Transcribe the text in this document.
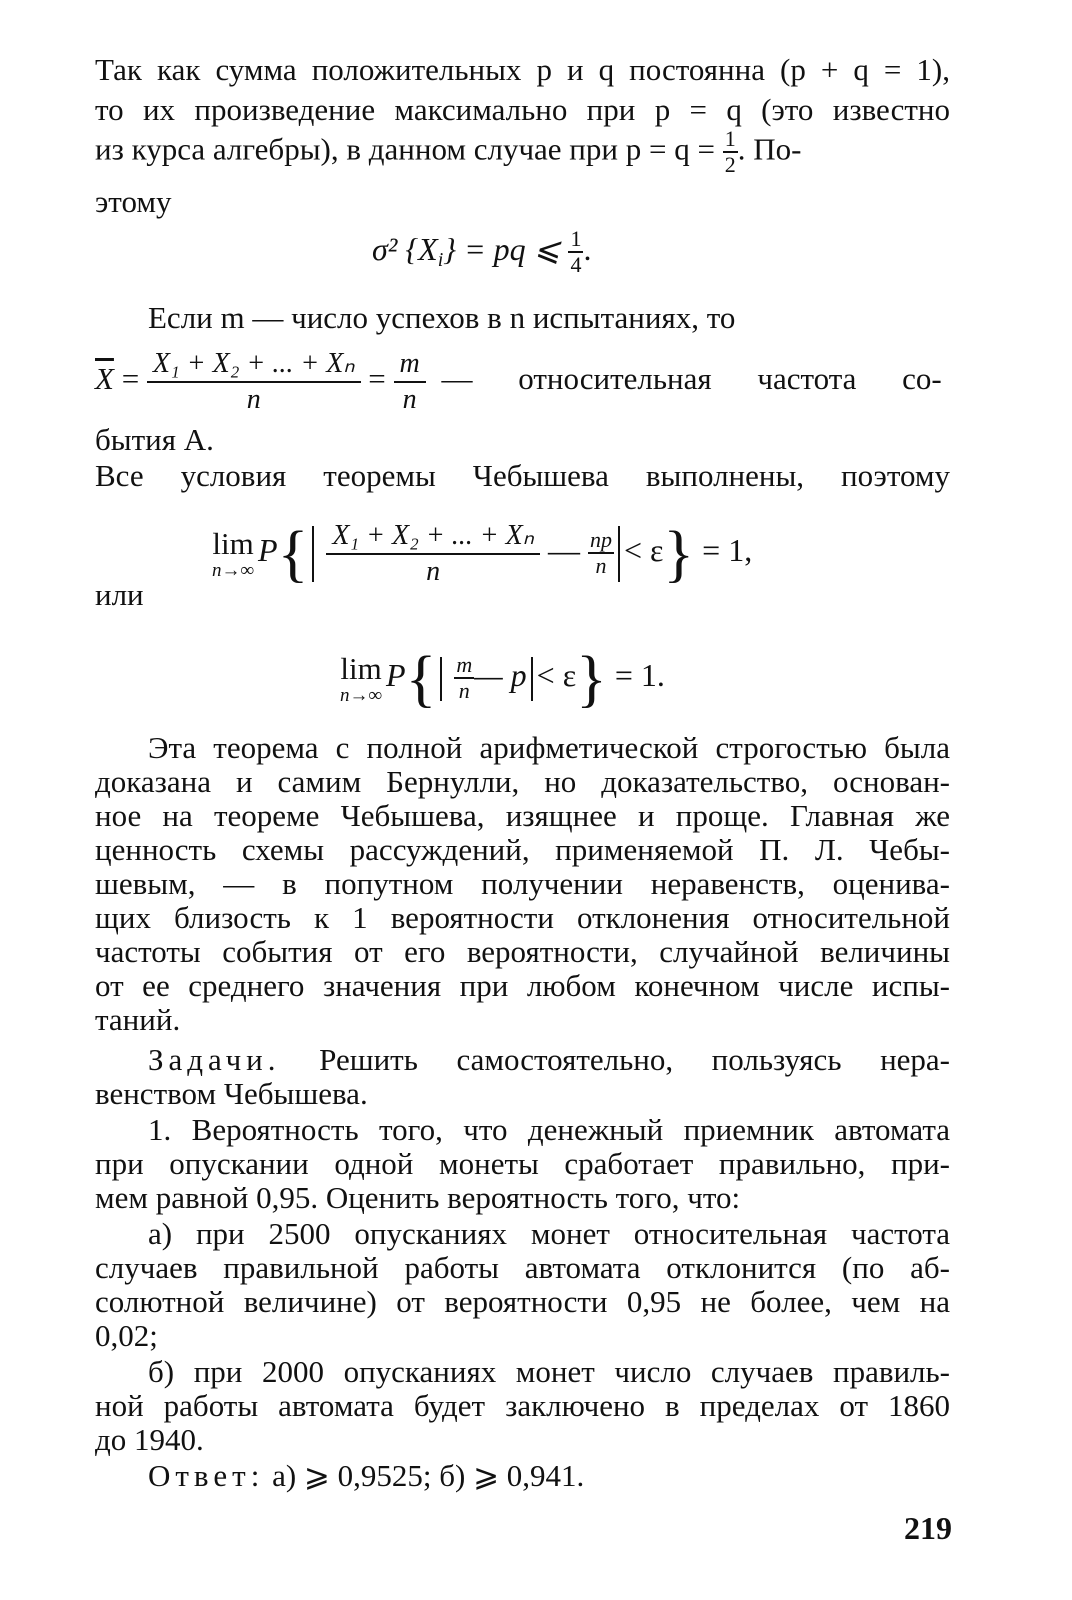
Так как сумма положительных p и q постоянна (p + q = 1),

то их произведение максимально при p = q (это известно

из курса алгебры), в данном случае при $p = q = \frac{1}{2}$ . По-

этому

σ² $\{X_i\}$ = pq ⩽ $\frac{1}{4}$ .

Если m — число успехов в n испытаниях, то

$\overline{X} = \frac{\text{X₁ + X₂ + ... + Xₙ}}{n} = \frac{m}{n}$ — относительная частота со-

бытия A.

Все условия теоремы Чебышева выполнены, поэтому

lim
n→∞
$P\{ \frac{\text{X₁ + X₂ + ... + Xₙ}}{n}$ — $\frac{np}{n} < \varepsilon\} = 1$,

или

lim
n→∞
$P\{ \frac{m}{n}$ — p < ε} = 1.

Эта теорема с полной арифметической строгостью была

доказана и самим Бернулли, но доказательство, основан-

ное на теореме Чебышева, изящнее и проще. Главная же

ценность схемы рассуждений, применяемой П. Л. Чебы-

шевым, — в попутном получении неравенств, оценива-

щих близость к 1 вероятности отклонения относительной

частоты события от его вероятности, случайной величины

от ее среднего значения при любом конечном числе испы-

таний.

Задачи. Решить самостоятельно, пользуясь нера-

венством Чебышева.

1. Вероятность того, что денежный приемник автомата

при опускании одной монеты сработает правильно, при-

мем равной 0,95. Оценить вероятность того, что:

а) при 2500 опусканиях монет относительная частота

случаев правильной работы автомата отклонится (по аб-

солютной величине) от вероятности 0,95 не более, чем на

0,02;

б) при 2000 опусканиях монет число случаев правиль-

ной работы автомата будет заключено в пределах от 1860

до 1940.

Ответ: а) ⩾ 0,9525; б) ⩾ 0,941.

219
